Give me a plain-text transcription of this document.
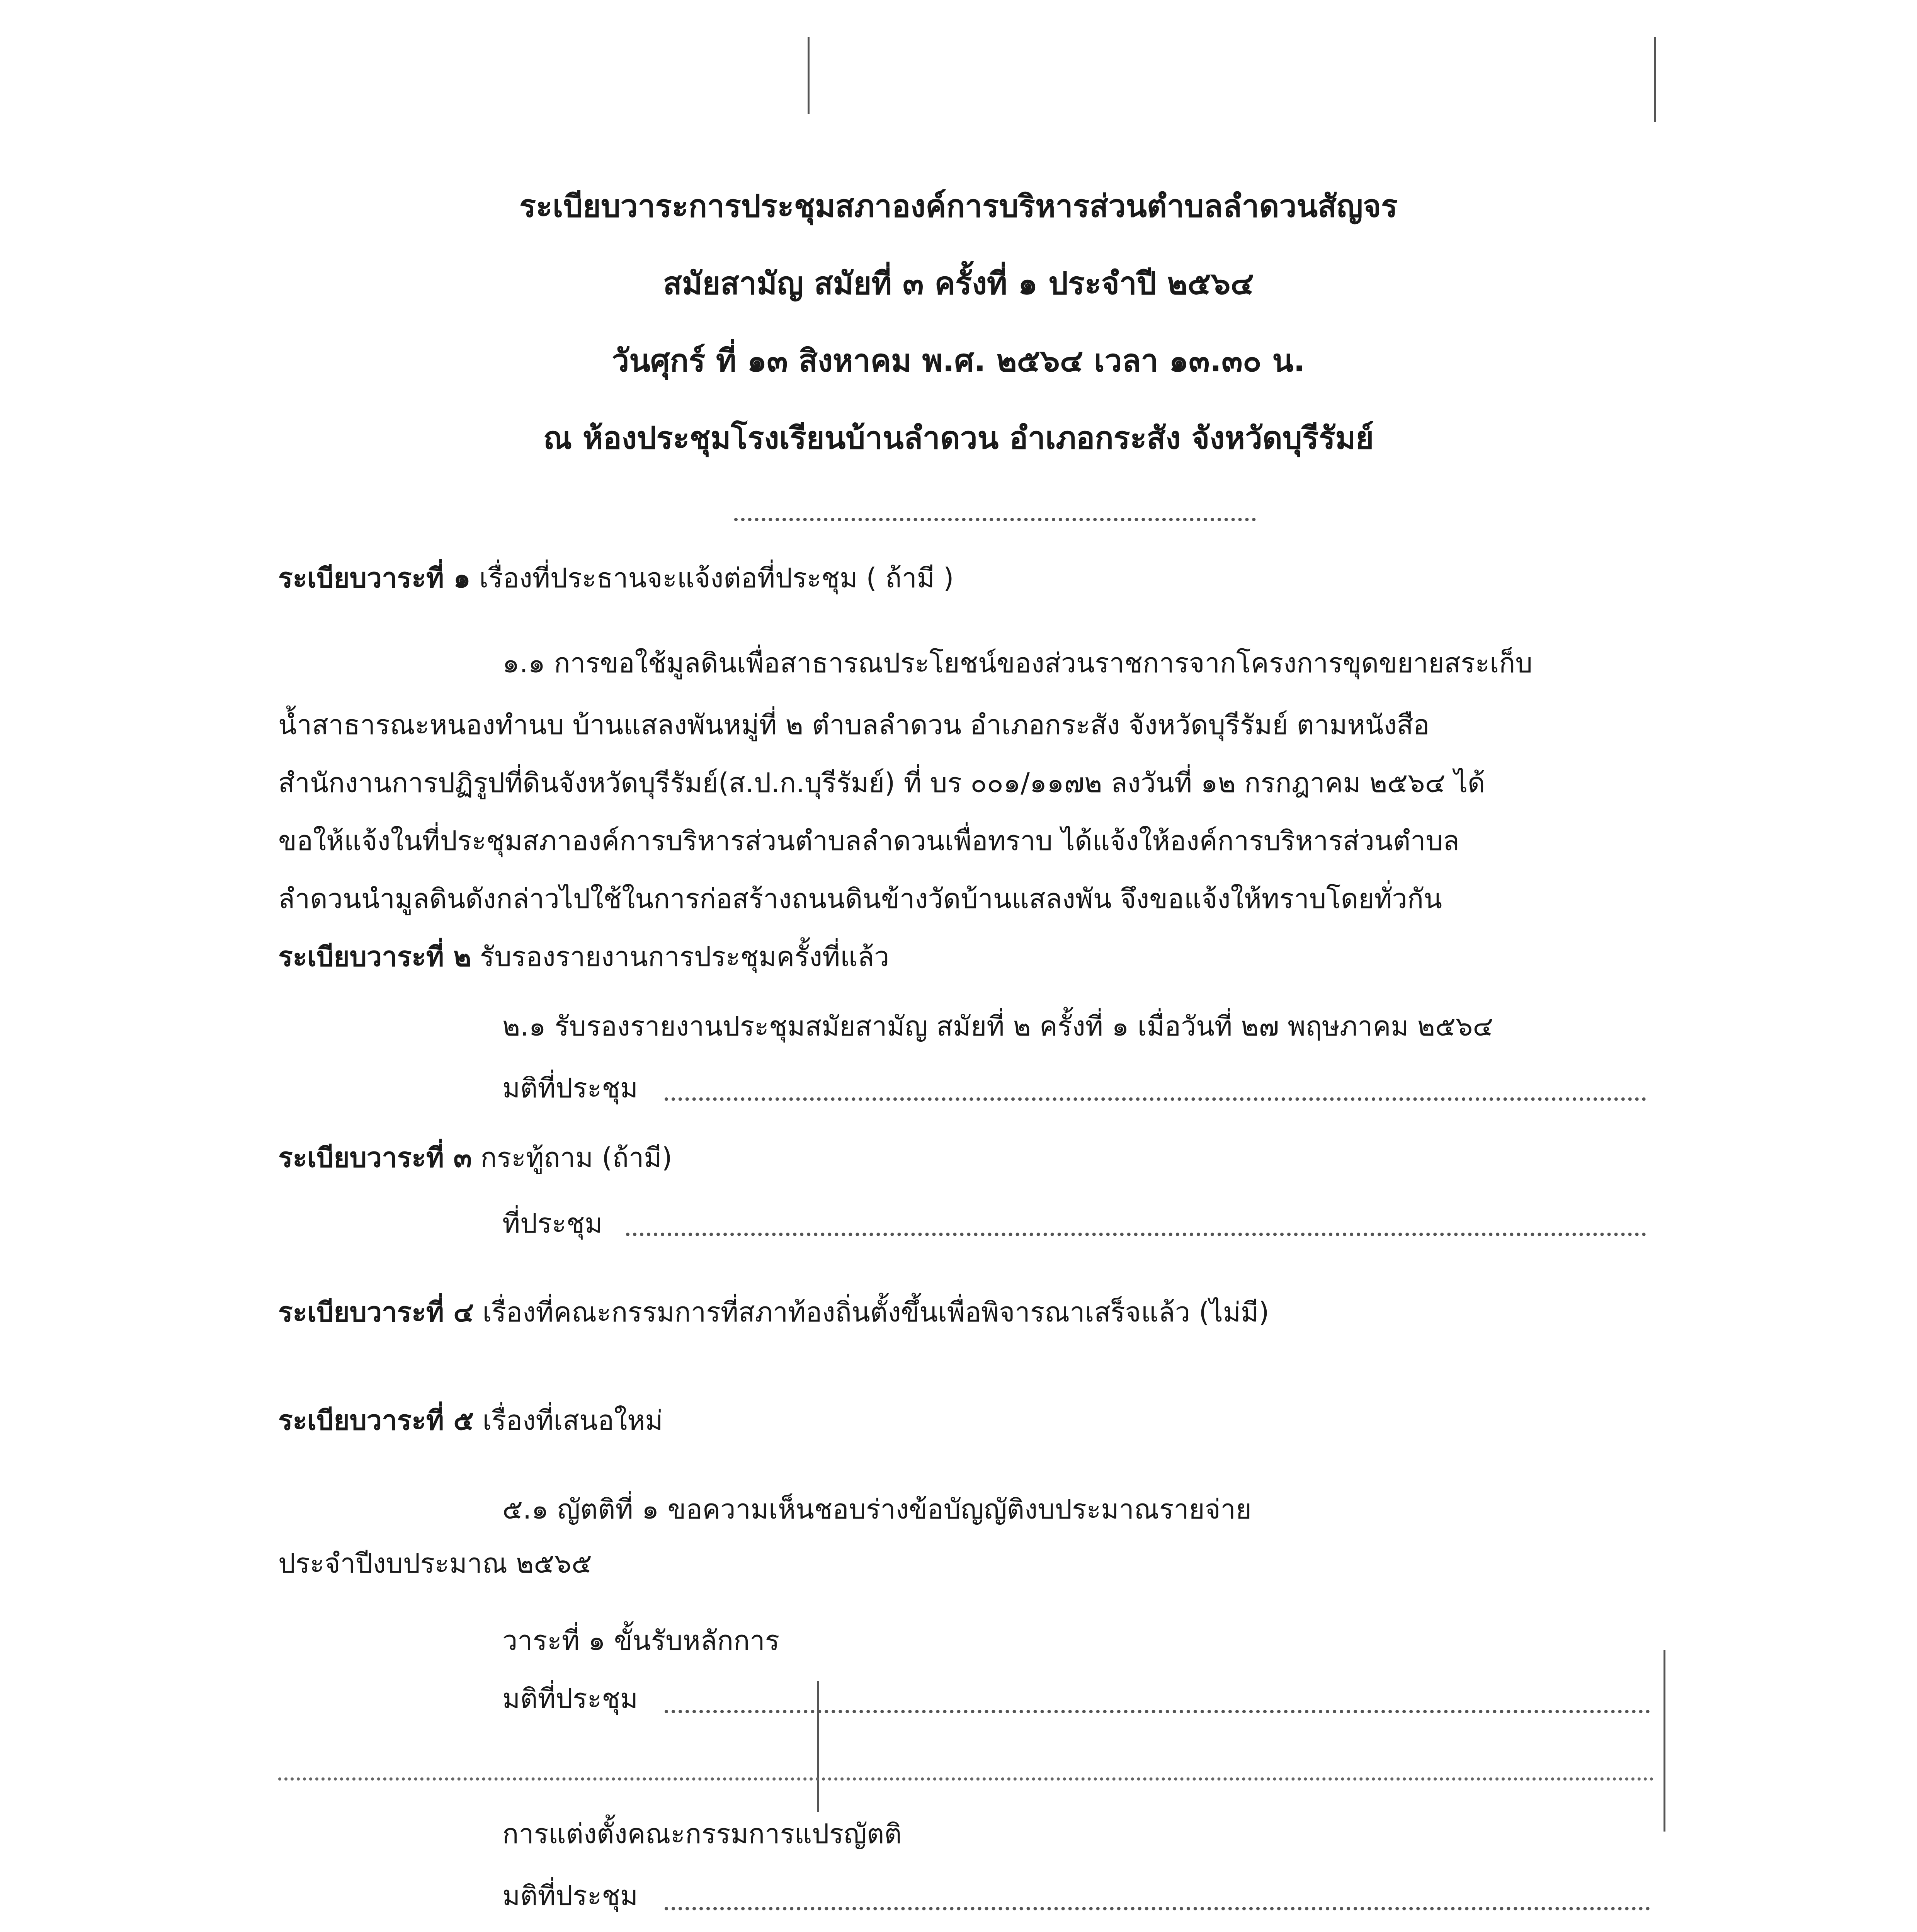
ระเบียบวาระการประชุมสภาองค์การบริหารส่วนตำบลลำดวนสัญจร
สมัยสามัญ สมัยที่ ๓ ครั้งที่ ๑ ประจำปี ๒๕๖๔
วันศุกร์ ที่ ๑๓ สิงหาคม พ.ศ. ๒๕๖๔ เวลา ๑๓.๓๐ น.
ณ ห้องประชุมโรงเรียนบ้านลำดวน อำเภอกระสัง จังหวัดบุรีรัมย์
ระเบียบวาระที่ ๑ เรื่องที่ประธานจะแจ้งต่อที่ประชุม ( ถ้ามี )
๑.๑ การขอใช้มูลดินเพื่อสาธารณประโยชน์ของส่วนราชการจากโครงการขุดขยายสระเก็บ
น้ำสาธารณะหนองทำนบ บ้านแสลงพันหมู่ที่ ๒ ตำบลลำดวน อำเภอกระสัง จังหวัดบุรีรัมย์ ตามหนังสือ
สำนักงานการปฏิรูปที่ดินจังหวัดบุรีรัมย์(ส.ป.ก.บุรีรัมย์) ที่ บร ๐๐๑/๑๑๗๒ ลงวันที่ ๑๒ กรกฎาคม ๒๕๖๔ ได้
ขอให้แจ้งในที่ประชุมสภาองค์การบริหารส่วนตำบลลำดวนเพื่อทราบ ได้แจ้งให้องค์การบริหารส่วนตำบล
ลำดวนนำมูลดินดังกล่าวไปใช้ในการก่อสร้างถนนดินข้างวัดบ้านแสลงพัน จึงขอแจ้งให้ทราบโดยทั่วกัน
ระเบียบวาระที่ ๒ รับรองรายงานการประชุมครั้งที่แล้ว
๒.๑ รับรองรายงานประชุมสมัยสามัญ สมัยที่ ๒ ครั้งที่ ๑ เมื่อวันที่ ๒๗ พฤษภาคม ๒๕๖๔
มติที่ประชุม
ระเบียบวาระที่ ๓ กระทู้ถาม (ถ้ามี)
ที่ประชุม
ระเบียบวาระที่ ๔ เรื่องที่คณะกรรมการที่สภาท้องถิ่นตั้งขึ้นเพื่อพิจารณาเสร็จแล้ว (ไม่มี)
ระเบียบวาระที่ ๕ เรื่องที่เสนอใหม่
๕.๑ ญัตติที่ ๑ ขอความเห็นชอบร่างข้อบัญญัติงบประมาณรายจ่าย
ประจำปีงบประมาณ ๒๕๖๕
วาระที่ ๑ ขั้นรับหลักการ
มติที่ประชุม
การแต่งตั้งคณะกรรมการแปรญัตติ
มติที่ประชุม
